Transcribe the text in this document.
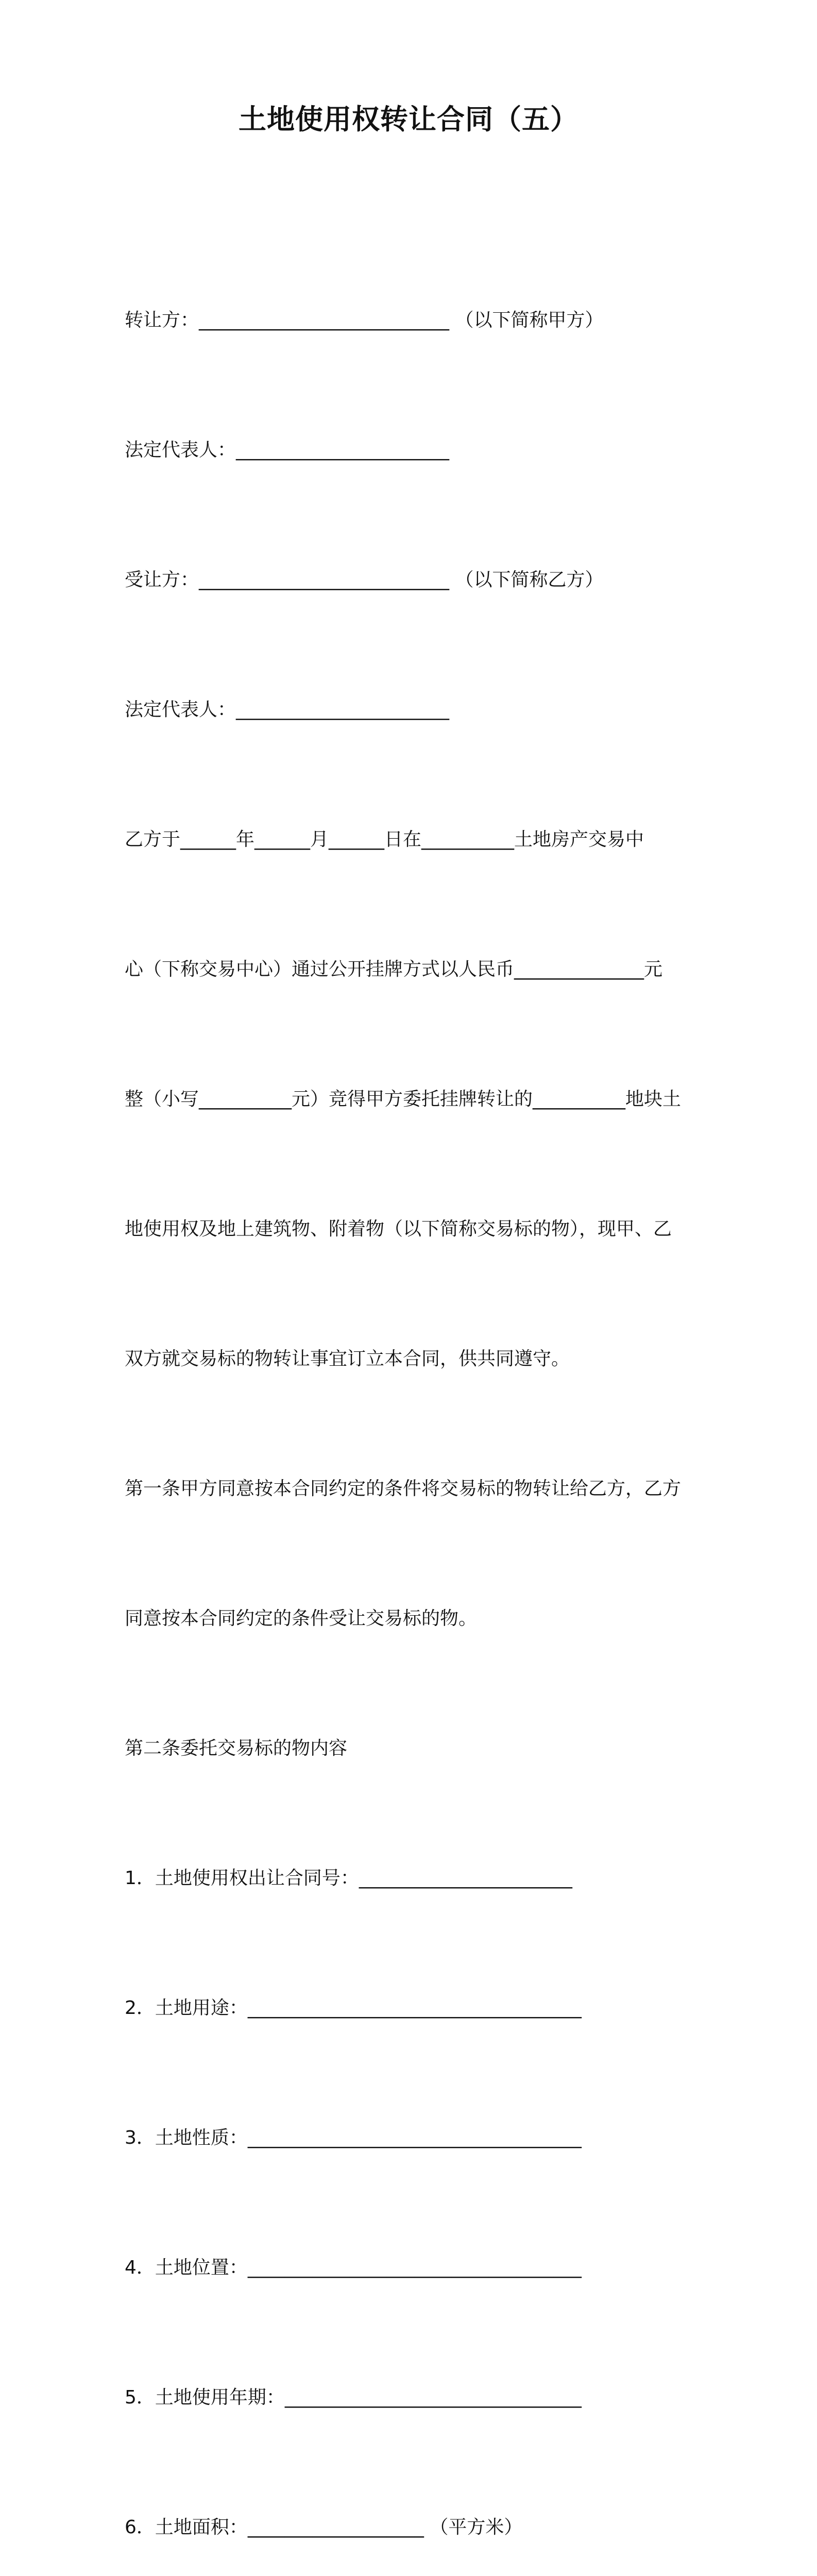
土地使用权转让合同（五）

转让方：___________________________ （以下简称甲方）

法定代表人：_______________________

受让方：___________________________ （以下简称乙方）

法定代表人：_______________________

乙方于______年______月______日在__________土地房产交易中

心（下称交易中心）通过公开挂牌方式以人民币______________元

整（小写__________元）竞得甲方委托挂牌转让的__________地块土

地使用权及地上建筑物、附着物（以下简称交易标的物），现甲、乙

双方就交易标的物转让事宜订立本合同，供共同遵守。

第一条甲方同意按本合同约定的条件将交易标的物转让给乙方，乙方

同意按本合同约定的条件受让交易标的物。

第二条委托交易标的物内容

1．土地使用权出让合同号：_______________________

2．土地用途：____________________________________

3．土地性质：____________________________________

4．土地位置：____________________________________

5．土地使用年期：________________________________

6．土地面积：___________________ （平方米）
